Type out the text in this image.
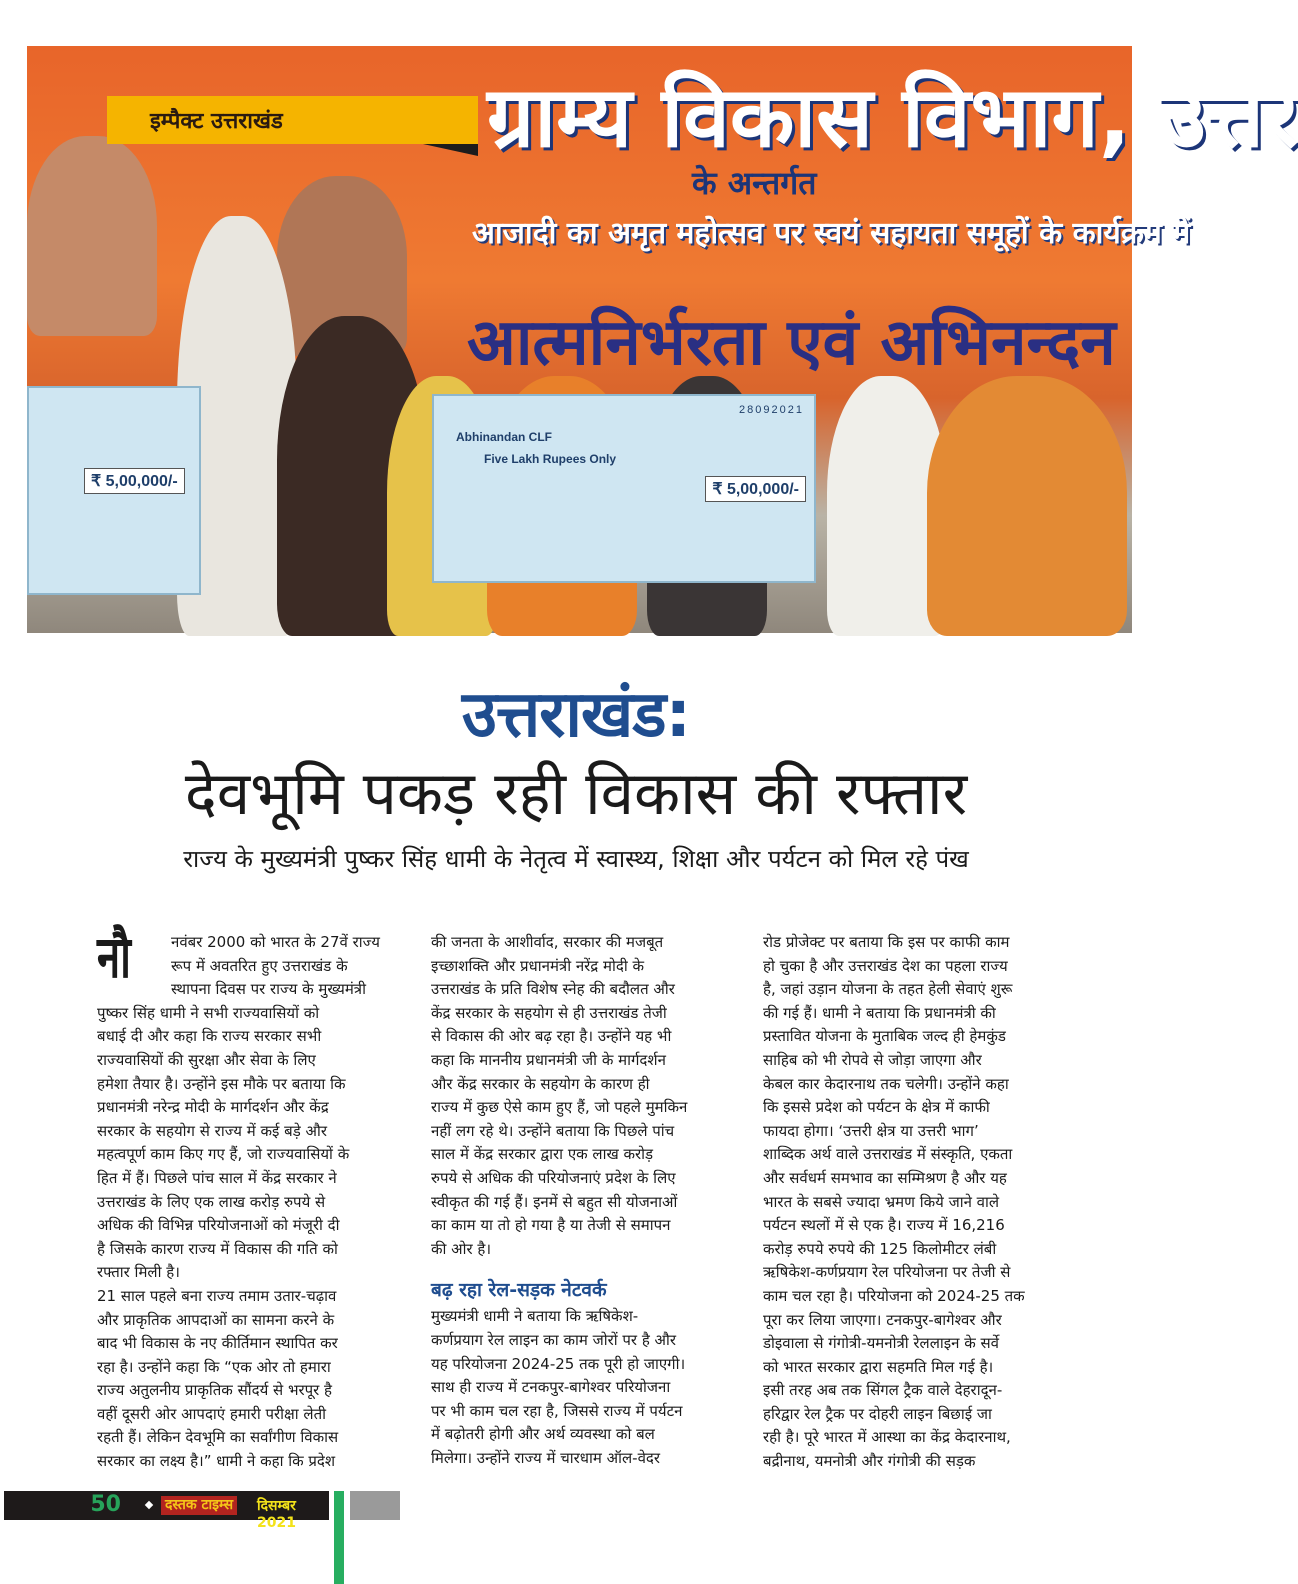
ग्राम्य विकास विभाग, उत्तर
के अन्तर्गत
आजादी का अमृत महोत्सव पर स्वयं सहायता समूहों के कार्यक्रम में
आत्मनिर्भरता एवं अभिनन्दन
₹ 5,00,000/-
28092021
Abhinandan CLF
Five Lakh Rupees Only
₹ 5,00,000/-
इम्पैक्ट उत्तराखंड
उत्तराखंड:
देवभूमि पकड़ रही विकास की रफ्तार
राज्य के मुख्यमंत्री पुष्कर सिंह धामी के नेतृत्व में स्वास्थ्य, शिक्षा और पर्यटन को मिल रहे पंख
नौ	नवंबर 2000 को भारत के 27वें राज्य
रूप में अवतरित हुए उत्तराखंड के
स्थापना दिवस पर राज्य के मुख्यमंत्री
पुष्कर सिंह धामी ने सभी राज्यवासियों को
बधाई दी और कहा कि राज्य सरकार सभी
राज्यवासियों की सुरक्षा और सेवा के लिए
हमेशा तैयार है। उन्होंने इस मौके पर बताया कि
प्रधानमंत्री नरेन्द्र मोदी के मार्गदर्शन और केंद्र
सरकार के सहयोग से राज्य में कई बड़े और
महत्वपूर्ण काम किए गए हैं, जो राज्यवासियों के
हित में हैं। पिछले पांच साल में केंद्र सरकार ने
उत्तराखंड के लिए एक लाख करोड़ रुपये से
अधिक की विभिन्न परियोजनाओं को मंजूरी दी
है जिसके कारण राज्य में विकास की गति को
रफ्तार मिली है।
21 साल पहले बना राज्य तमाम उतार-चढ़ाव
और प्राकृतिक आपदाओं का सामना करने के
बाद भी विकास के नए कीर्तिमान स्थापित कर
रहा है। उन्होंने कहा कि “एक ओर तो हमारा
राज्य अतुलनीय प्राकृतिक सौंदर्य से भरपूर है
वहीं दूसरी ओर आपदाएं हमारी परीक्षा लेती
रहती हैं। लेकिन देवभूमि का सर्वांगीण विकास
सरकार का लक्ष्य है।” धामी ने कहा कि प्रदेश
की जनता के आशीर्वाद, सरकार की मजबूत
इच्छाशक्ति और प्रधानमंत्री नरेंद्र मोदी के
उत्तराखंड के प्रति विशेष स्नेह की बदौलत और
केंद्र सरकार के सहयोग से ही उत्तराखंड तेजी
से विकास की ओर बढ़ रहा है। उन्होंने यह भी
कहा कि माननीय प्रधानमंत्री जी के मार्गदर्शन
और केंद्र सरकार के सहयोग के कारण ही
राज्य में कुछ ऐसे काम हुए हैं, जो पहले मुमकिन
नहीं लग रहे थे। उन्होंने बताया कि पिछले पांच
साल में केंद्र सरकार द्वारा एक लाख करोड़
रुपये से अधिक की परियोजनाएं प्रदेश के लिए
स्वीकृत की गई हैं। इनमें से बहुत सी योजनाओं
का काम या तो हो गया है या तेजी से समापन
की ओर है।
बढ़ रहा रेल-सड़क नेटवर्क
मुख्यमंत्री धामी ने बताया कि ऋषिकेश-
कर्णप्रयाग रेल लाइन का काम जोरों पर है और
यह परियोजना 2024-25 तक पूरी हो जाएगी।
साथ ही राज्य में टनकपुर-बागेश्वर परियोजना
पर भी काम चल रहा है, जिससे राज्य में पर्यटन
में बढ़ोतरी होगी और अर्थ व्यवस्था को बल
मिलेगा। उन्होंने राज्य में चारधाम ऑल-वेदर
रोड प्रोजेक्ट पर बताया कि इस पर काफी काम
हो चुका है और उत्तराखंड देश का पहला राज्य
है, जहां उड़ान योजना के तहत हेली सेवाएं शुरू
की गई हैं। धामी ने बताया कि प्रधानमंत्री की
प्रस्तावित योजना के मुताबिक जल्द ही हेमकुंड
साहिब को भी रोपवे से जोड़ा जाएगा और
केबल कार केदारनाथ तक चलेगी। उन्होंने कहा
कि इससे प्रदेश को पर्यटन के क्षेत्र में काफी
फायदा होगा। ‘उत्तरी क्षेत्र या उत्तरी भाग’
शाब्दिक अर्थ वाले उत्तराखंड में संस्कृति, एकता
और सर्वधर्म समभाव का सम्मिश्रण है और यह
भारत के सबसे ज्यादा भ्रमण किये जाने वाले
पर्यटन स्थलों में से एक है। राज्य में 16,216
करोड़ रुपये रुपये की 125 किलोमीटर लंबी
ऋषिकेश-कर्णप्रयाग रेल परियोजना पर तेजी से
काम चल रहा है। परियोजना को 2024-25 तक
पूरा कर लिया जाएगा। टनकपुर-बागेश्वर और
डोइवाला से गंगोत्री-यमनोत्री रेललाइन के सर्वे
को भारत सरकार द्वारा सहमति मिल गई है।
इसी तरह अब तक सिंगल ट्रैक वाले देहरादून-
हरिद्वार रेल ट्रैक पर दोहरी लाइन बिछाई जा
रही है। पूरे भारत में आस्था का केंद्र केदारनाथ,
बद्रीनाथ, यमनोत्री और गंगोत्री की सड़क
50	दस्तक टाइम्स दिसम्बर 2021
